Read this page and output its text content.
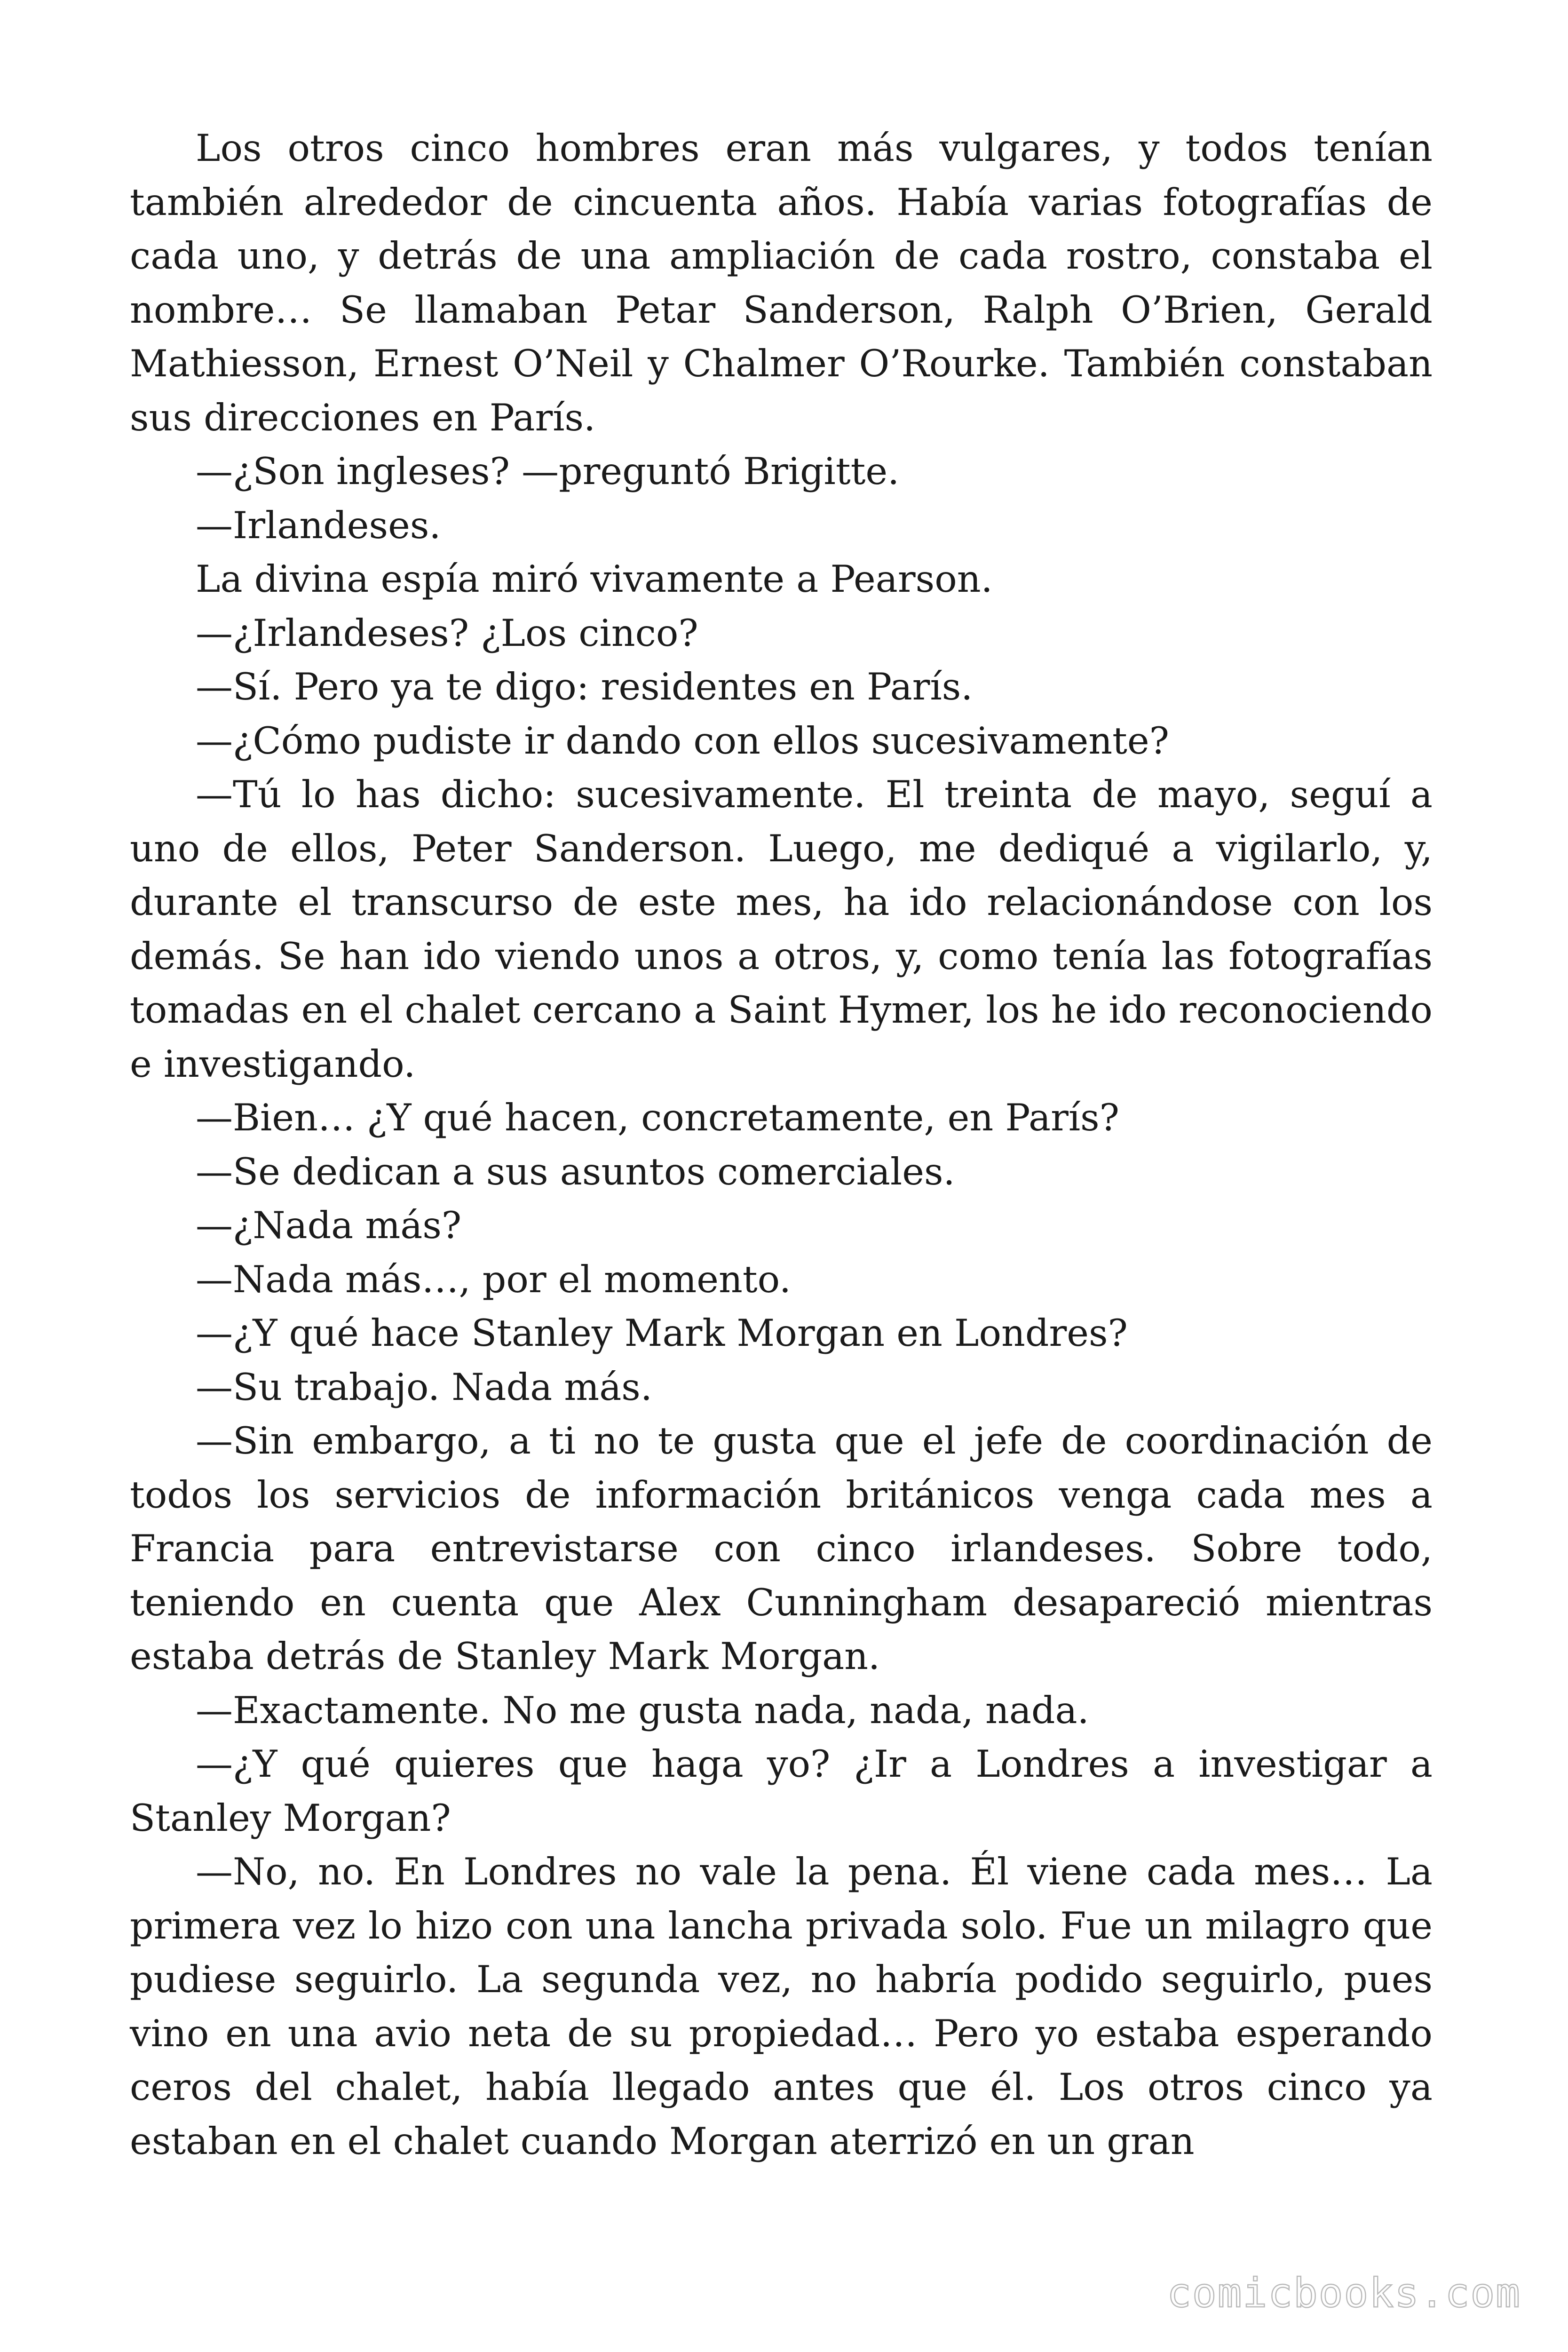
Los otros cinco hombres eran más vulgares, y todos tenían también alrededor de cincuenta años. Había varias fotografías de cada uno, y detrás de una ampliación de cada rostro, constaba el nombre… Se llamaban Petar Sanderson, Ralph O’Brien, Gerald Mathiesson, Ernest O’Neil y Chalmer O’Rourke. También constaban sus direcciones en París.

—¿Son ingleses? —preguntó Brigitte.

—Irlandeses.

La divina espía miró vivamente a Pearson.

—¿Irlandeses? ¿Los cinco?

—Sí. Pero ya te digo: residentes en París.

—¿Cómo pudiste ir dando con ellos sucesivamente?

—Tú lo has dicho: sucesivamente. El treinta de mayo, seguí a uno de ellos, Peter Sanderson. Luego, me dediqué a vigilarlo, y, durante el transcurso de este mes, ha ido relacionándose con los demás. Se han ido viendo unos a otros, y, como tenía las fotografías tomadas en el chalet cercano a Saint Hymer, los he ido reconociendo e investigando.

—Bien… ¿Y qué hacen, concretamente, en París?

—Se dedican a sus asuntos comerciales.

—¿Nada más?

—Nada más…, por el momento.

—¿Y qué hace Stanley Mark Morgan en Londres?

—Su trabajo. Nada más.

—Sin embargo, a ti no te gusta que el jefe de coordinación de todos los servicios de información británicos venga cada mes a Francia para entrevistarse con cinco irlandeses. Sobre todo, teniendo en cuenta que Alex Cunningham desapareció mientras estaba detrás de Stanley Mark Morgan.

—Exactamente. No me gusta nada, nada, nada.

—¿Y qué quieres que haga yo? ¿Ir a Londres a investigar a Stanley Morgan?

—No, no. En Londres no vale la pena. Él viene cada mes… La primera vez lo hizo con una lancha privada solo. Fue un milagro que pudiese seguirlo. La segunda vez, no habría podido seguirlo, pues vino en una avio neta de su propiedad… Pero yo estaba esperando ceros del chalet, había llegado antes que él. Los otros cinco ya estaban en el chalet cuando Morgan aterrizó en un gran

comicbooks.com
